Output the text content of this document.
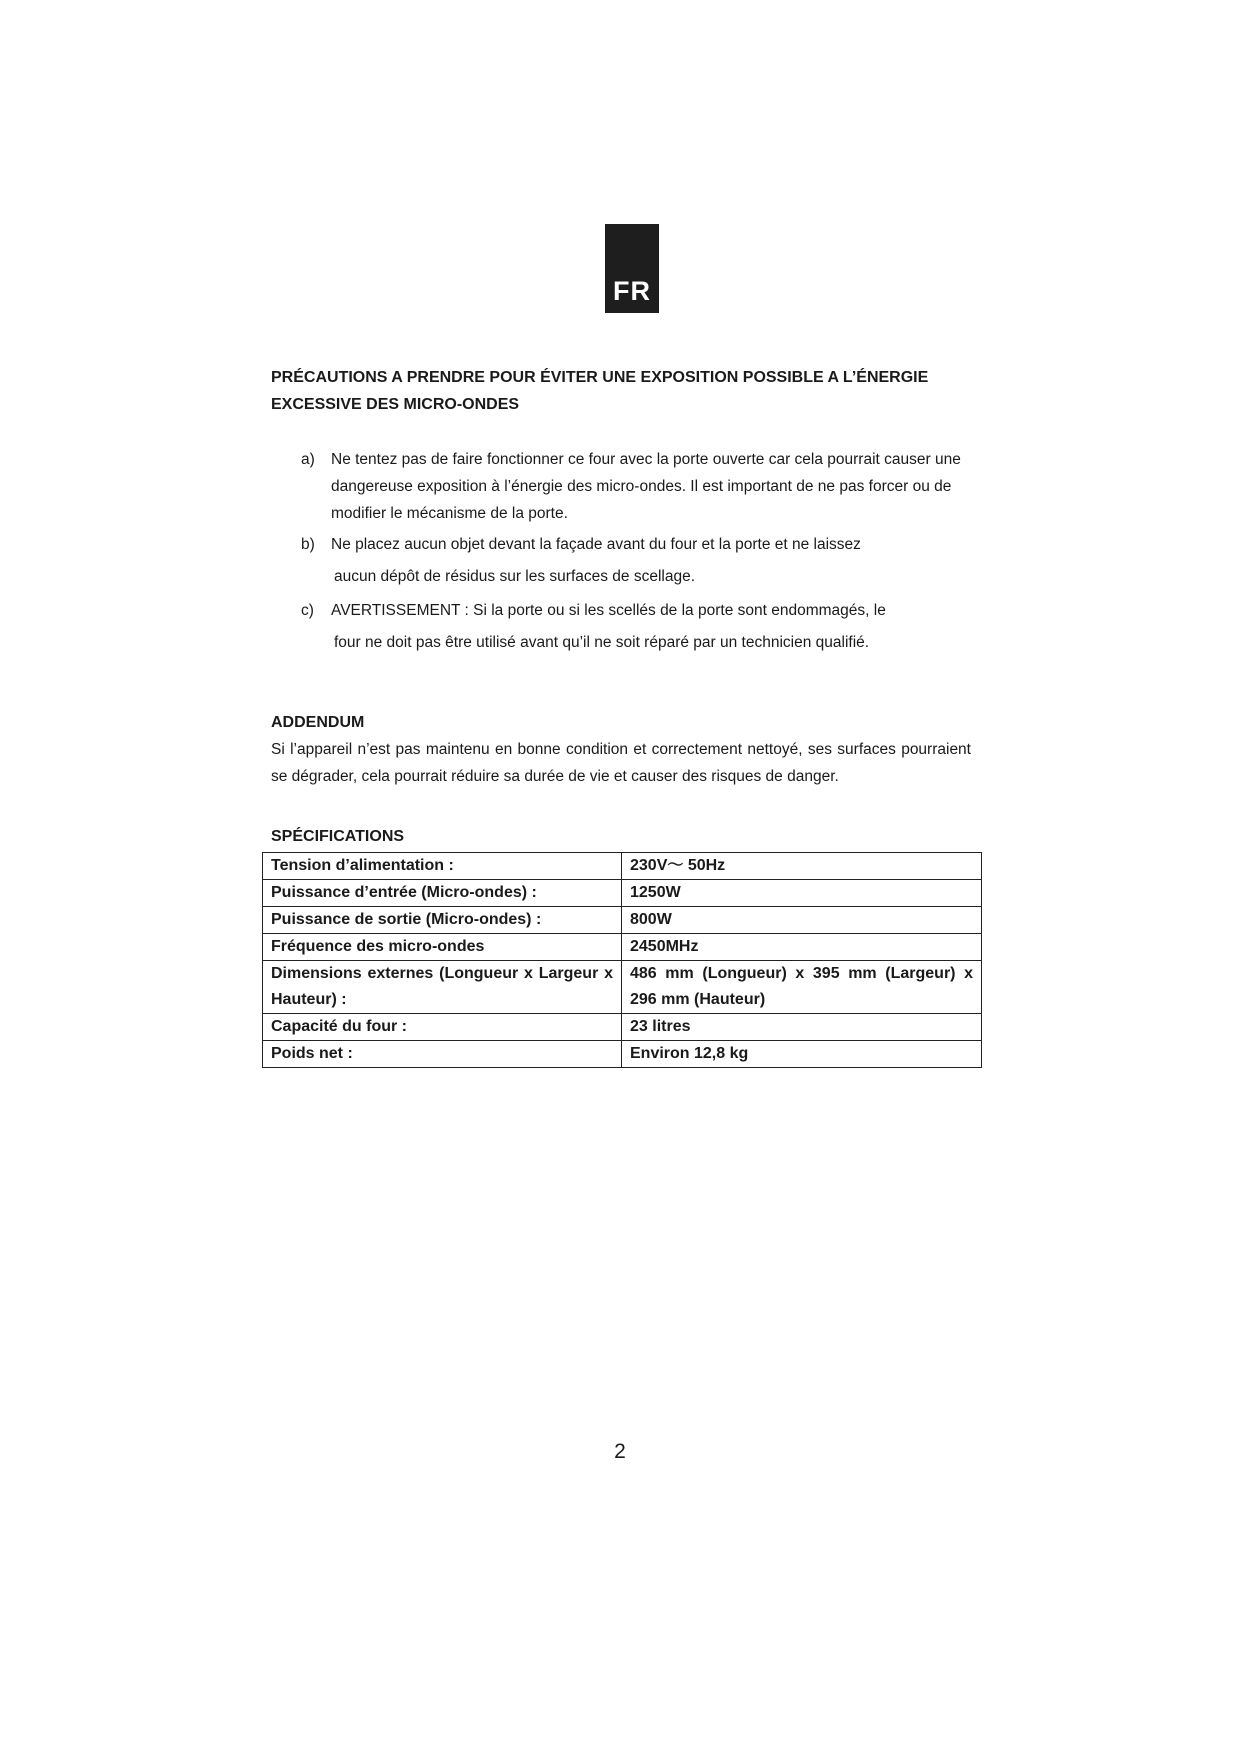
FR

PRÉCAUTIONS A PRENDRE POUR ÉVITER UNE EXPOSITION POSSIBLE A L’ÉNERGIE
EXCESSIVE DES MICRO-ONDES

a) Ne tentez pas de faire fonctionner ce four avec la porte ouverte car cela pourrait causer une dangereuse exposition à l’énergie des micro-ondes. Il est important de ne pas forcer ou de modifier le mécanisme de la porte.
b) Ne placez aucun objet devant la façade avant du four et la porte et ne laissez
aucun dépôt de résidus sur les surfaces de scellage.
c) AVERTISSEMENT : Si la porte ou si les scellés de la porte sont endommagés, le
four ne doit pas être utilisé avant qu’il ne soit réparé par un technicien qualifié.

ADDENDUM

Si l’appareil n’est pas maintenu en bonne condition et correctement nettoyé, ses surfaces pourraient se dégrader, cela pourrait réduire sa durée de vie et causer des risques de danger.

SPÉCIFICATIONS

Tension d’alimentation :	230V～ 50Hz
Puissance d’entrée (Micro-ondes) :	1250W
Puissance de sortie (Micro-ondes) :	800W
Fréquence des micro-ondes	2450MHz
Dimensions externes (Longueur x Largeur x Hauteur) :	486 mm (Longueur) x 395 mm (Largeur) x 296 mm (Hauteur)
Capacité du four :	23 litres
Poids net :	Environ 12,8 kg
2
